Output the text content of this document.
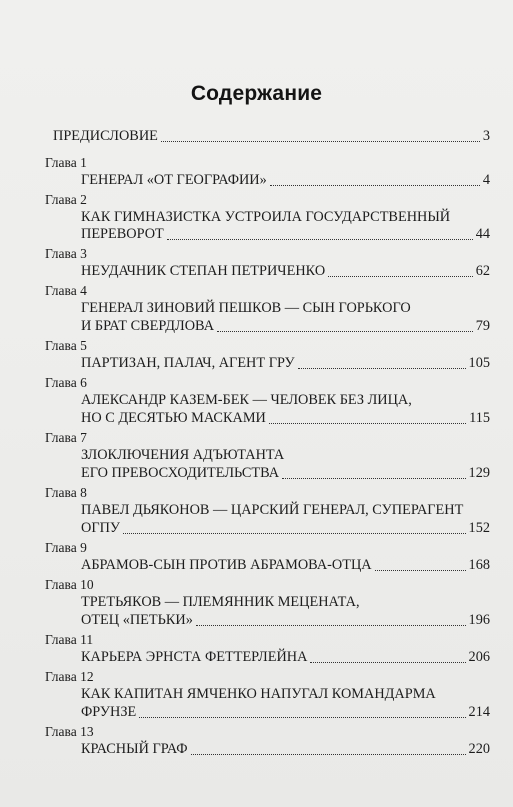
Содержание
ПРЕДИСЛОВИЕ	3
Глава 1
ГЕНЕРАЛ «ОТ ГЕОГРАФИИ»	4
Глава 2
КАК ГИМНАЗИСТКА УСТРОИЛА ГОСУДАРСТВЕННЫЙ
ПЕРЕВОРОТ	44
Глава 3
НЕУДАЧНИК СТЕПАН ПЕТРИЧЕНКО	62
Глава 4
ГЕНЕРАЛ ЗИНОВИЙ ПЕШКОВ — СЫН ГОРЬКОГО
И БРАТ СВЕРДЛОВА	79
Глава 5
ПАРТИЗАН, ПАЛАЧ, АГЕНТ ГРУ	105
Глава 6
АЛЕКСАНДР КАЗЕМ-БЕК — ЧЕЛОВЕК БЕЗ ЛИЦА,
НО С ДЕСЯТЬЮ МАСКАМИ	115
Глава 7
ЗЛОКЛЮЧЕНИЯ АДЪЮТАНТА
ЕГО ПРЕВОСХОДИТЕЛЬСТВА	129
Глава 8
ПАВЕЛ ДЬЯКОНОВ — ЦАРСКИЙ ГЕНЕРАЛ, СУПЕРАГЕНТ
ОГПУ	152
Глава 9
АБРАМОВ-СЫН ПРОТИВ АБРАМОВА-ОТЦА	168
Глава 10
ТРЕТЬЯКОВ — ПЛЕМЯННИК МЕЦЕНАТА,
ОТЕЦ «ПЕТЬКИ»	196
Глава 11
КАРЬЕРА ЭРНСТА ФЕТТЕРЛЕЙНА	206
Глава 12
КАК КАПИТАН ЯМЧЕНКО НАПУГАЛ КОМАНДАРМА
ФРУНЗЕ	214
Глава 13
КРАСНЫЙ ГРАФ	220
